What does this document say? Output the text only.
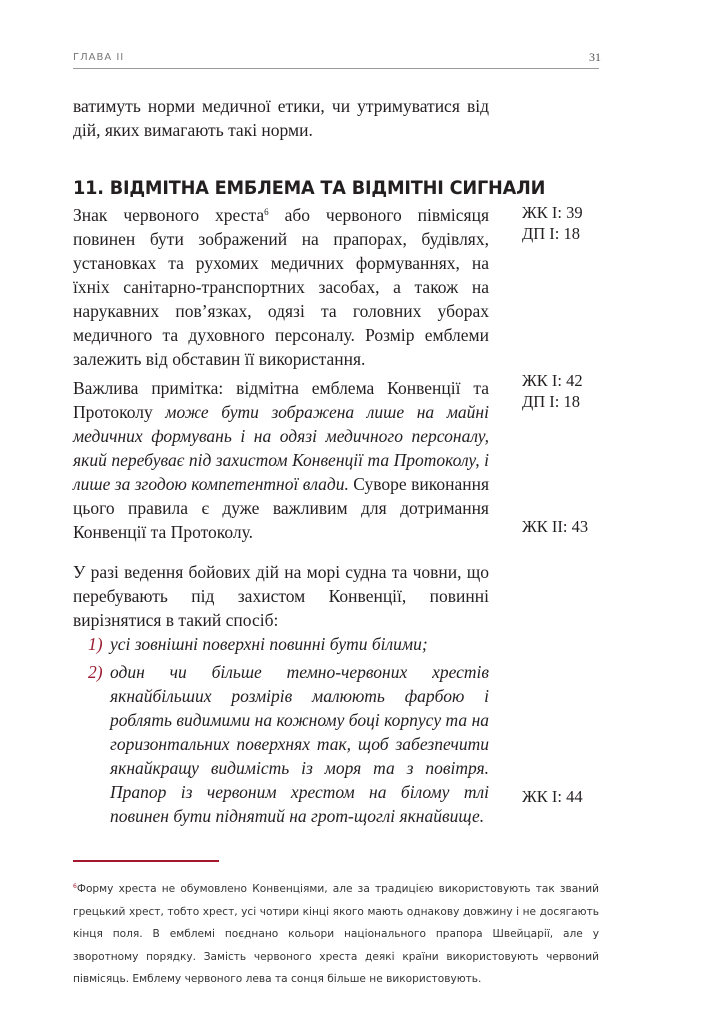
ГЛАВА II	31

ватимуть норми медичної етики, чи утримуватися від дій, яких вимагають такі норми.

11. ВІДМІТНА ЕМБЛЕМА ТА ВІДМІТНІ СИГНАЛИ

Знак червоного хреста$^6$ або червоного півмісяця повинен бути зображений на прапорах, будівлях, установках та рухомих медичних формуваннях, на їхніх санітарно-транспортних засобах, а також на нарукавних пов’язках, одязі та головних уборах медичного та духовного персоналу. Розмір емблеми залежить від обставин її використання.

Важлива примітка: відмітна емблема Конвенції та Протоколу може бути зображена лише на майні медичних формувань і на одязі медичного персоналу, який перебуває під захистом Конвенції та Протоколу, і лише за згодою компетентної влади. Суворе виконання цього правила є дуже важливим для дотримання Конвенції та Протоколу.

У разі ведення бойових дій на морі судна та човни, що перебувають під захистом Конвенції, повинні вирізнятися в такий спосіб:

1) усі зовнішні поверхні повинні бути білими;

2) один чи більше темно-червоних хрестів якнайбільших розмірів малюють фарбою і роблять видимими на кожному боці корпусу та на горизонтальних поверхнях так, щоб забезпечити якнайкращу видимість із моря та з повітря. Прапор із червоним хрестом на білому тлі повинен бути піднятий на грот-щоглі якнайвище.

ЖК I: 39
ДП I: 18
ЖК I: 42
ДП I: 18
ЖК II: 43
ЖК I: 44

$^6$Форму хреста не обумовлено Конвенціями, але за традицією використовують так званий грецький хрест, тобто хрест, усі чотири кінці якого мають однакову довжину і не досягають кінця поля. В емблемі поєднано кольори національного прапора Швейцарії, але у зворотному порядку. Замість червоного хреста деякі країни використовують червоний півмісяць. Емблему червоного лева та сонця більше не використовують.
